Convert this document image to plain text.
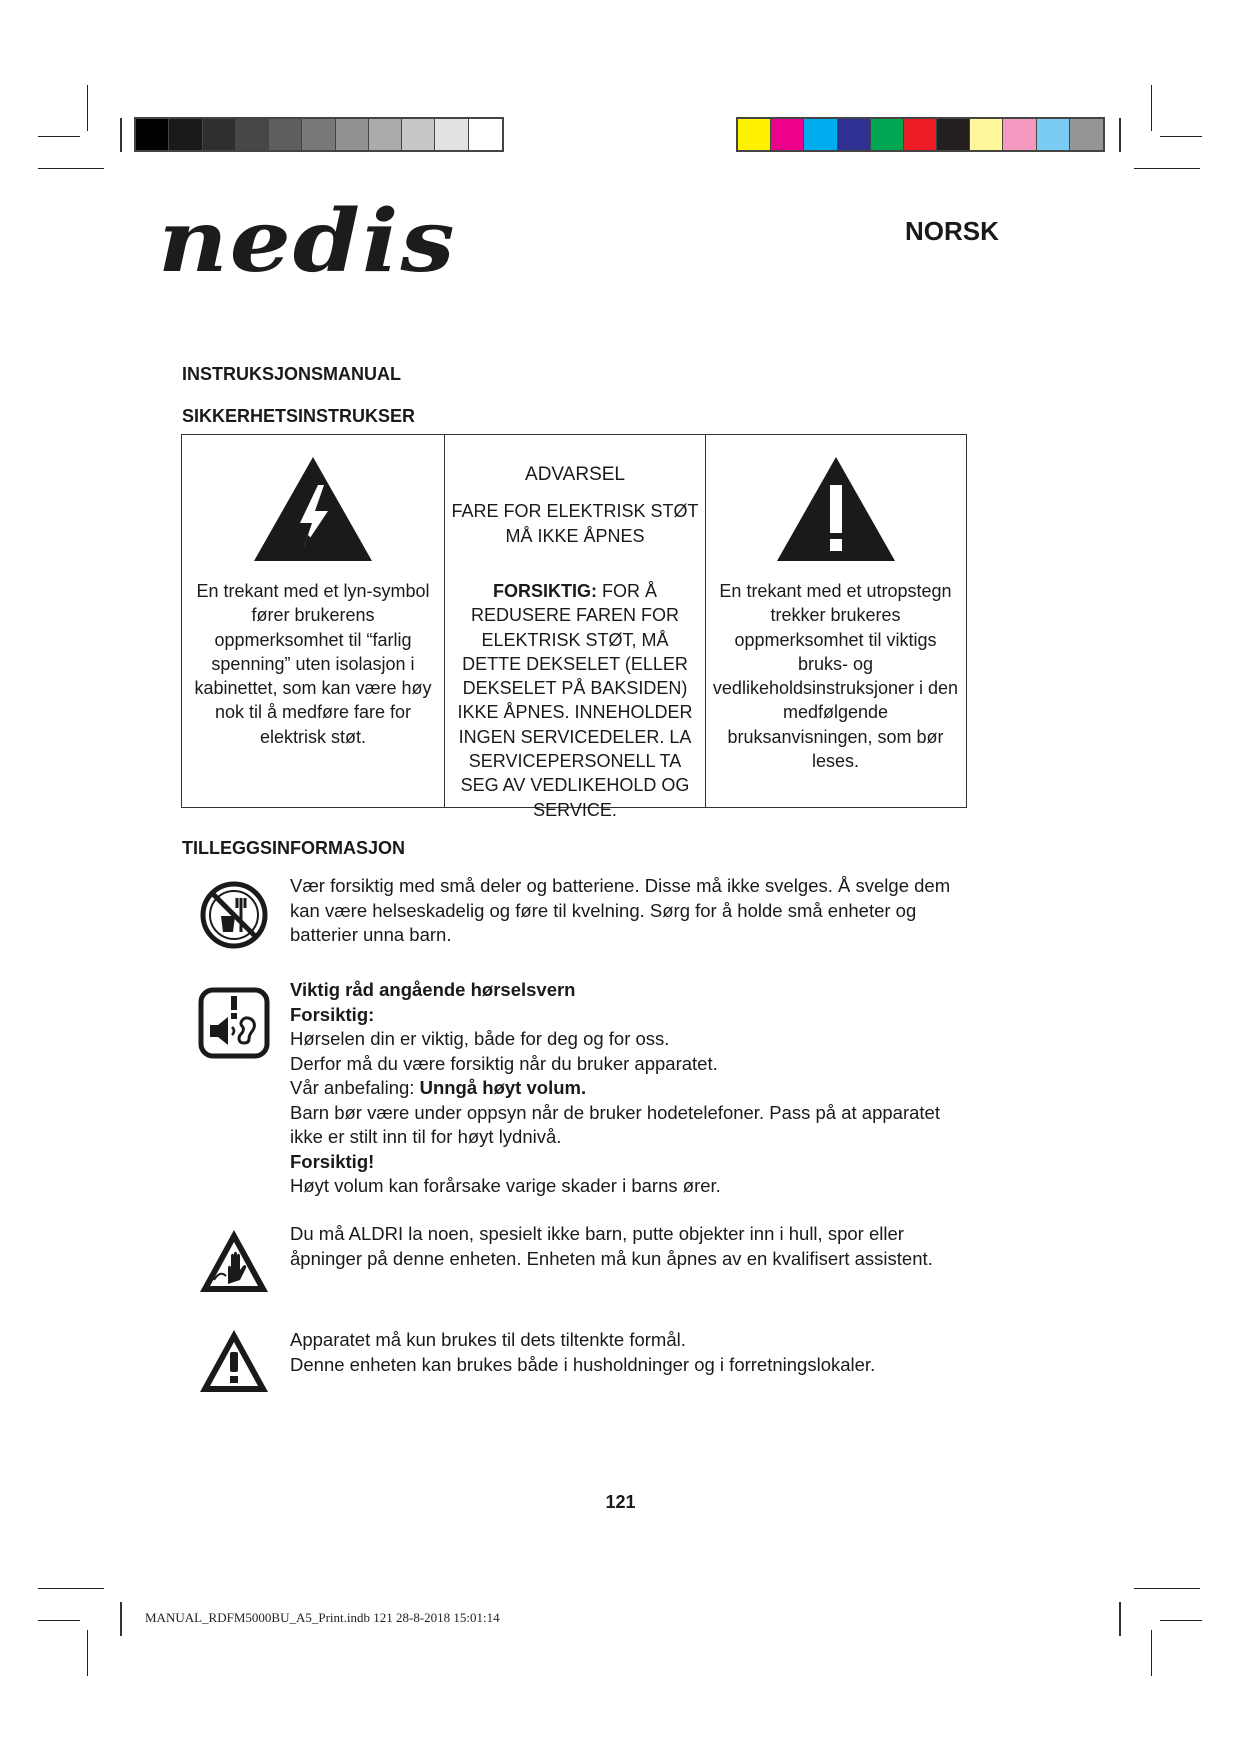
nedis	NORSK
INSTRUKSJONSMANUAL
SIKKERHETSINSTRUKSER
En trekant med et lyn-symbol fører brukerens oppmerksomhet til “farlig spenning” uten isolasjon i kabinettet, som kan være høy nok til å medføre fare for elektrisk støt.
ADVARSEL
FARE FOR ELEKTRISK STØT
MÅ IKKE ÅPNES
FORSIKTIG: FOR Å REDUSERE FAREN FOR ELEKTRISK STØT, MÅ DETTE DEKSELET (ELLER DEKSELET PÅ BAKSIDEN) IKKE ÅPNES. INNEHOLDER INGEN SERVICEDELER. LA SERVICEPERSONELL TA SEG AV VEDLIKEHOLD OG SERVICE.
En trekant med et utropstegn trekker brukeres oppmerksomhet til viktigs bruks- og vedlikeholdsinstruksjoner i den medfølgende bruksanvisningen, som bør leses.
TILLEGGSINFORMASJON

Vær forsiktig med små deler og batteriene. Disse må ikke svelges. Å svelge dem kan være helseskadelig og føre til kvelning. Sørg for å holde små enheter og batterier unna barn.

Viktig råd angående hørselsvern

Forsiktig:

Hørselen din er viktig, både for deg og for oss.

Derfor må du være forsiktig når du bruker apparatet.

Vår anbefaling: Unngå høyt volum.

Barn bør være under oppsyn når de bruker hodetelefoner. Pass på at apparatet ikke er stilt inn til for høyt lydnivå.

Forsiktig!

Høyt volum kan forårsake varige skader i barns ører.

Du må ALDRI la noen, spesielt ikke barn, putte objekter inn i hull, spor eller åpninger på denne enheten. Enheten må kun åpnes av en kvalifisert assistent.

Apparatet må kun brukes til dets tiltenkte formål.

Denne enheten kan brukes både i husholdninger og i forretningslokaler.

121
MANUAL_RDFM5000BU_A5_Print.indb 121 28-8-2018 15:01:14
